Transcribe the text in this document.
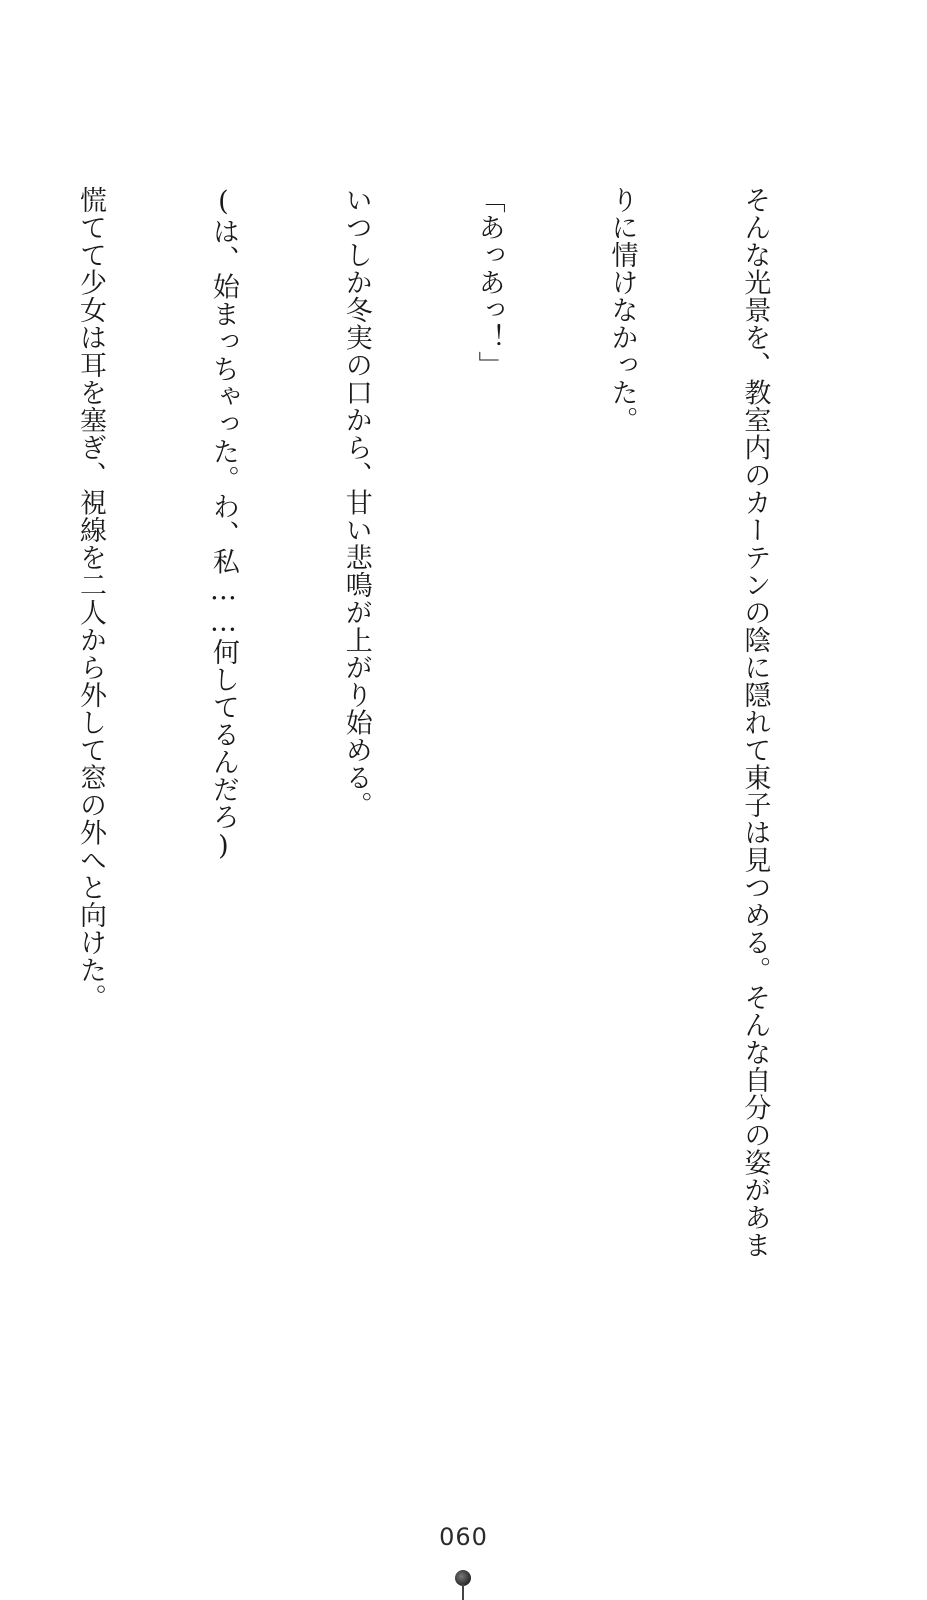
そんな光景を、教室内のカーテンの陰に隠れて東子は見つめる。そんな自分の姿があま

りに情けなかった。

「あっあっ！」

いつしか冬実の口から、甘い悲鳴が上がり始める。

(は、始まっちゃった。わ、私……何してるんだろ)

慌てて少女は耳を塞ぎ、視線を二人から外して窓の外へと向けた。

060
